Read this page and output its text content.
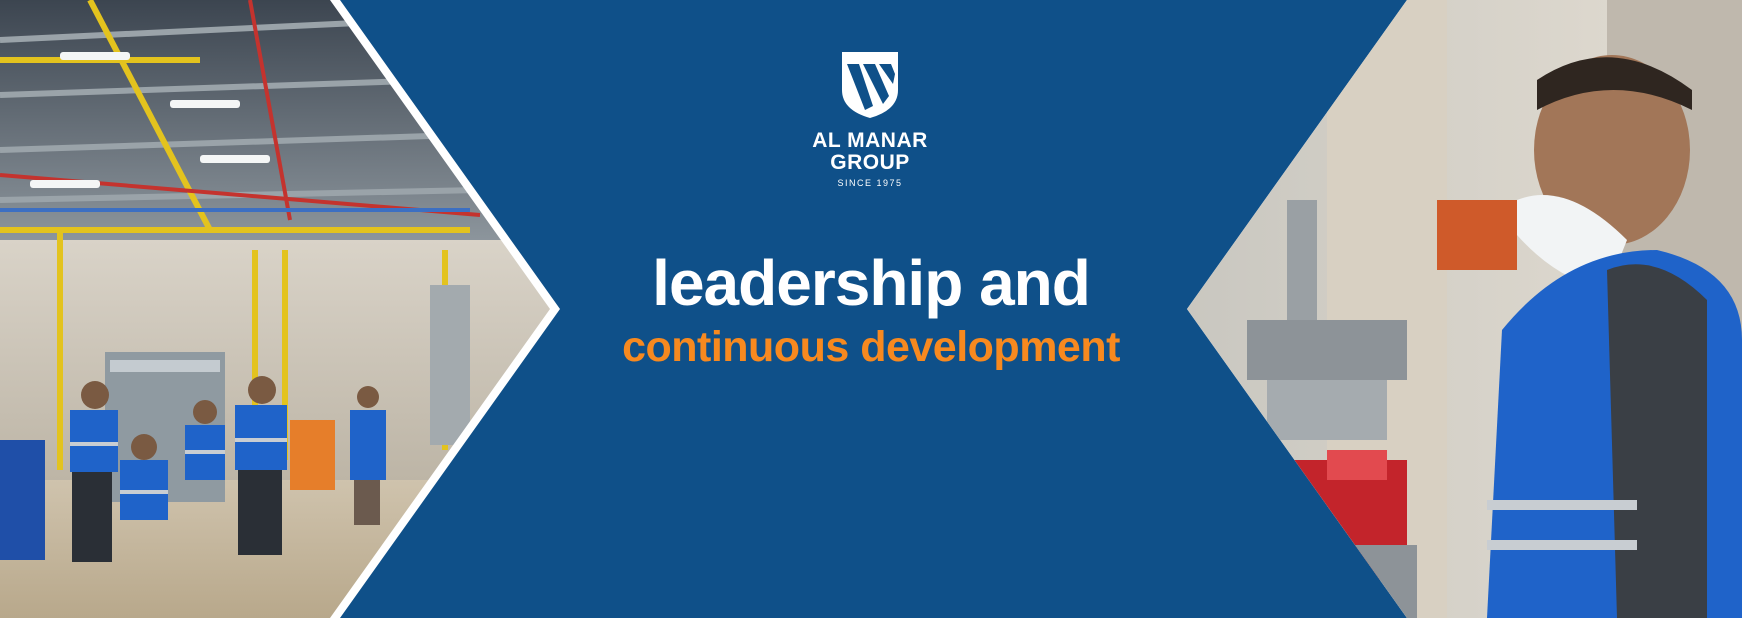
AL MANAR
GROUP
SINCE 1975
leadership and
continuous development
